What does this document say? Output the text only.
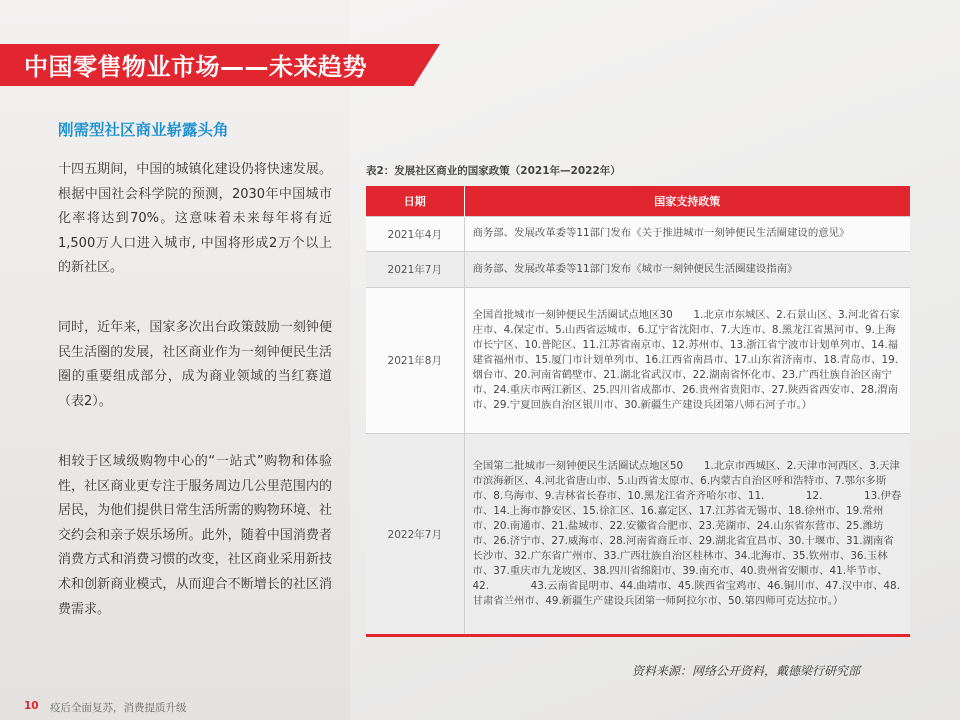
中国零售物业市场——未来趋势
刚需型社区商业崭露头角
十四五期间，中国的城镇化建设仍将快速发展。根据中国社会科学院的预测，2030年中国城市化率将达到70%。这意味着未来每年将有近1,500万人口进入城市, 中国将形成2万个以上的新社区。
同时，近年来，国家多次出台政策鼓励一刻钟便民生活圈的发展，社区商业作为一刻钟便民生活圈的重要组成部分，成为商业领域的当红赛道（表2）。
相较于区域级购物中心的“一站式”购物和体验性，社区商业更专注于服务周边几公里范围内的居民，为他们提供日常生活所需的购物环境、社交约会和亲子娱乐场所。此外，随着中国消费者消费方式和消费习惯的改变，社区商业采用新技术和创新商业模式，从而迎合不断增长的社区消费需求。
表2：发展社区商业的国家政策（2021年—2022年）
日期	国家支持政策
2021年4月	商务部、发展改革委等11部门发布《关于推进城市一刻钟便民生活圈建设的意见》
2021年7月	商务部、发展改革委等11部门发布《城市一刻钟便民生活圈建设指南》
2021年8月	全国首批城市一刻钟便民生活圈试点地区30　　1.北京市东城区、2.石景山区、3.河北省石家庄市、4.保定市、5.山西省运城市、6.辽宁省沈阳市、7.大连市、8.黑龙江省黑河市、9.上海市长宁区、10.普陀区、11.江苏省南京市、12.苏州市、13.浙江省宁波市计划单列市、14.福建省福州市、15.厦门市计划单列市、16.江西省南昌市、17.山东省济南市、18.青岛市、19.烟台市、20.河南省鹤壁市、21.湖北省武汉市、22.湖南省怀化市、23.广西壮族自治区南宁市、24.重庆市两江新区、25.四川省成都市、26.贵州省贵阳市、27.陕西省西安市、28.渭南市、29.宁夏回族自治区银川市、30.新疆生产建设兵团第八师石河子市。）
2022年7月	全国第二批城市一刻钟便民生活圈试点地区50　　1.北京市西城区、2.天津市河西区、3.天津市滨海新区、4.河北省唐山市、5.山西省太原市、6.内蒙古自治区呼和浩特市、7.鄂尔多斯市、8.乌海市、9.吉林省长春市、10.黑龙江省齐齐哈尔市、11.　　　　12.　　　　13.伊春市、14.上海市静安区、15.徐汇区、16.嘉定区、17.江苏省无锡市、18.徐州市、19.常州市、20.南通市、21.盐城市、22.安徽省合肥市、23.芜湖市、24.山东省东营市、25.潍坊市、26.济宁市、27.威海市、28.河南省商丘市、29.湖北省宜昌市、30.十堰市、31.湖南省长沙市、32.广东省广州市、33.广西壮族自治区桂林市、34.北海市、35.钦州市、36.玉林市、37.重庆市九龙坡区、38.四川省绵阳市、39.南充市、40.贵州省安顺市、41.毕节市、42.　　　　43.云南省昆明市、44.曲靖市、45.陕西省宝鸡市、46.铜川市、47.汉中市、48.甘肃省兰州市、49.新疆生产建设兵团第一师阿拉尔市、50.第四师可克达拉市。）
资料来源：网络公开资料，戴德梁行研究部
10 疫后全面复苏，消费提质升级
